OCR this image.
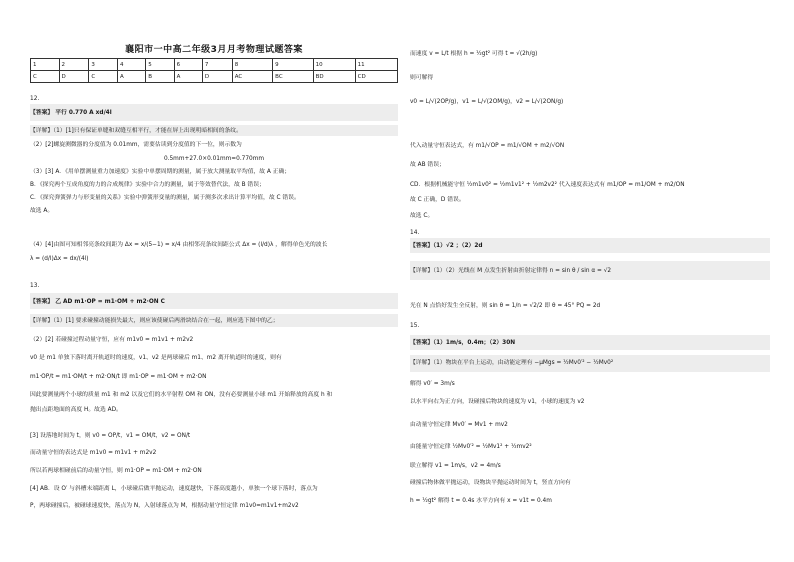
襄阳市一中高二年级3月月考物理试题答案
1	2	3	4	5	6	7	8	9	10	11
C	D	C	A	B	A	D	AC	BC	BD	CD
12.
【答案】 平行 0.770 A xd/4l
【详解】（1）[1]只有保证单缝和双缝互相平行，才能在屏上出现明暗相间的条纹。
（2）[2]螺旋测微器的分度值为 0.01mm，需要估读到分度值的下一位，则示数为
0.5mm+27.0×0.01mm=0.770mm
（3）[3] A．《用单摆测量重力加速度》实验中单摆周期的测量，属于放大测量取平均值，故 A 正确；
B．《探究两个互成角度的力的合成规律》实验中合力的测量，属于等效替代法，故 B 错误；
C．《探究弹簧弹力与形变量的关系》实验中弹簧形变量的测量，属于测多次求出计算平均值，故 C 错误。
故选 A。
（4）[4]由图可知相邻亮条纹间距为 Δx = x/(5−1) = x/4 由相邻亮条纹间距公式 Δx = (l/d)λ ，解得单色光的波长
λ = (d/l)Δx = dx/(4l)
13.
【答案】 乙 AD m1·OP = m1·OM + m2·ON C
【详解】（1）[1] 要求碰撞动能损失最大，则应该使碰后两滑块结合在一起，则应选下图中的乙；
（2）[2] 若碰撞过程动量守恒，应有 m1v0 = m1v1 + m2v2
v0 是 m1 单独下落时离开轨道时的速度，v1、v2 是两球碰后 m1、m2 离开轨道时的速度，则有
m1·OP/t = m1·OM/t + m2·ON/t 即 m1·OP = m1·OM + m2·ON
因此要测量两个小球的质量 m1 和 m2 以及它们的水平射程 OM 和 ON，没有必要测量小球 m1 开始释放的高度 h 和
抛出点距地面的高度 H。故选 AD。
[3] 设落地时间为 t，则 v0 = OP/t，v1 = OM/t，v2 = ON/t
而动量守恒的表达式是 m1v0 = m1v1 + m2v2
所以若两球相碰前后的动量守恒，则 m1·OP = m1·OM + m2·ON
[4] AB．设 O′ 与斜槽末端距离 L，小球碰后做平抛运动，速度越快，下落高度越小，单独一个球下落时，落点为
P，两球碰撞后，被碰球速度快，落点为 N，入射球落点为 M，根据动量守恒定律 m1v0=m1v1+m2v2
而速度 v = L/t 根据 h = ½gt² 可得 t = √(2h/g)
则可解得
v0 = L/√(2OP/g)，v1 = L/√(2OM/g)，v2 = L/√(2ON/g)
代入动量守恒表达式，有 m1/√OP = m1/√OM + m2/√ON
故 AB 错误；
CD．根据机械能守恒 ½m1v0² = ½m1v1² + ½m2v2² 代入速度表达式有 m1/OP = m1/OM + m2/ON
故 C 正确，D 错误。
故选 C。
14.
【答案】（1）√2 ；（2）2d
【详解】（1）（2）光线在 M 点发生折射由折射定律得 n = sin θ / sin α = √2
光在 N 点恰好发生全反射，则 sin θ = 1/n = √2/2 即 θ = 45° PQ = 2d
15.
【答案】（1）1m/s，0.4m；（2）30N
【详解】（1）物块在平台上运动，由动能定理有 −μMgs = ½Mv0′² − ½Mv0²
解得 v0′ = 3m/s
以水平向右为正方向，设碰撞后物块的速度为 v1，小球的速度为 v2
由动量守恒定律 Mv0′ = Mv1 + mv2
由能量守恒定律 ½Mv0′² = ½Mv1² + ½mv2²
联立解得 v1 = 1m/s，v2 = 4m/s
碰撞后物体做平抛运动，设物块平抛运动时间为 t，竖直方向有
h = ½gt² 解得 t = 0.4s 水平方向有 x = v1t = 0.4m
